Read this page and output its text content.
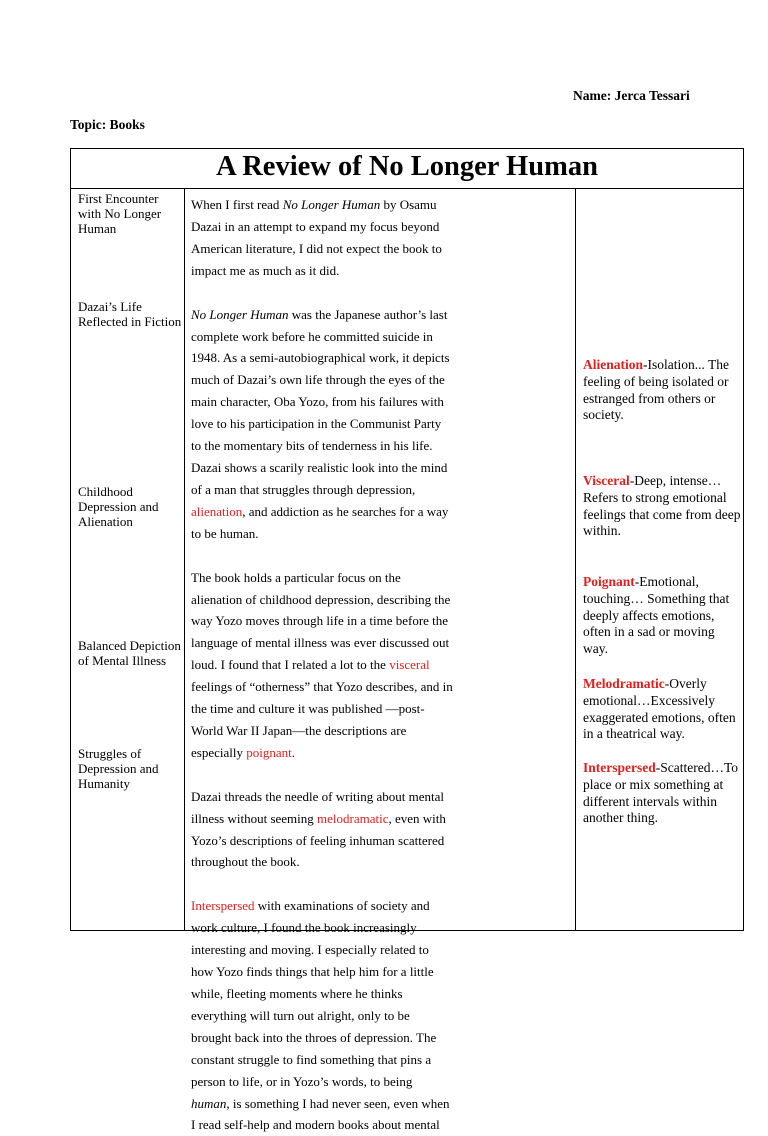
Name: Jerca Tessari
Topic: Books
A Review of No Longer Human
First Encounter with No Longer Human
Dazai’s Life Reflected in Fiction
Childhood Depression and Alienation
Balanced Depiction of Mental Illness
Struggles of Depression and Humanity

When I first read No Longer Human by Osamu Dazai in an attempt to expand my focus beyond American literature, I did not expect the book to impact me as much as it did.

No Longer Human was the Japanese author’s last complete work before he committed suicide in 1948. As a semi-autobiographical work, it depicts much of Dazai’s own life through the eyes of the main character, Oba Yozo, from his failures with love to his participation in the Communist Party to the momentary bits of tenderness in his life. Dazai shows a scarily realistic look into the mind of a man that struggles through depression, alienation, and addiction as he searches for a way to be human.

The book holds a particular focus on the alienation of childhood depression, describing the way Yozo moves through life in a time before the language of mental illness was ever discussed out loud. I found that I related a lot to the visceral feelings of “otherness” that Yozo describes, and in the time and culture it was published —post-World War II Japan—the descriptions are especially poignant.

Dazai threads the needle of writing about mental illness without seeming melodramatic, even with Yozo’s descriptions of feeling inhuman scattered throughout the book.

Interspersed with examinations of society and work culture, I found the book increasingly interesting and moving. I especially related to how Yozo finds things that help him for a little while, fleeting moments where he thinks everything will turn out alright, only to be brought back into the throes of depression. The constant struggle to find something that pins a person to life, or in Yozo’s words, to being human, is something I had never seen, even when I read self-help and modern books about mental

Alienation-Isolation... The feeling of being isolated or estranged from others or society.
Visceral-Deep, intense…Refers to strong emotional feelings that come from deep within.
Poignant-Emotional, touching… Something that deeply affects emotions, often in a sad or moving way.
Melodramatic-Overly emotional…Excessively exaggerated emotions, often in a theatrical way.
Interspersed-Scattered…To place or mix something at different intervals within another thing.
